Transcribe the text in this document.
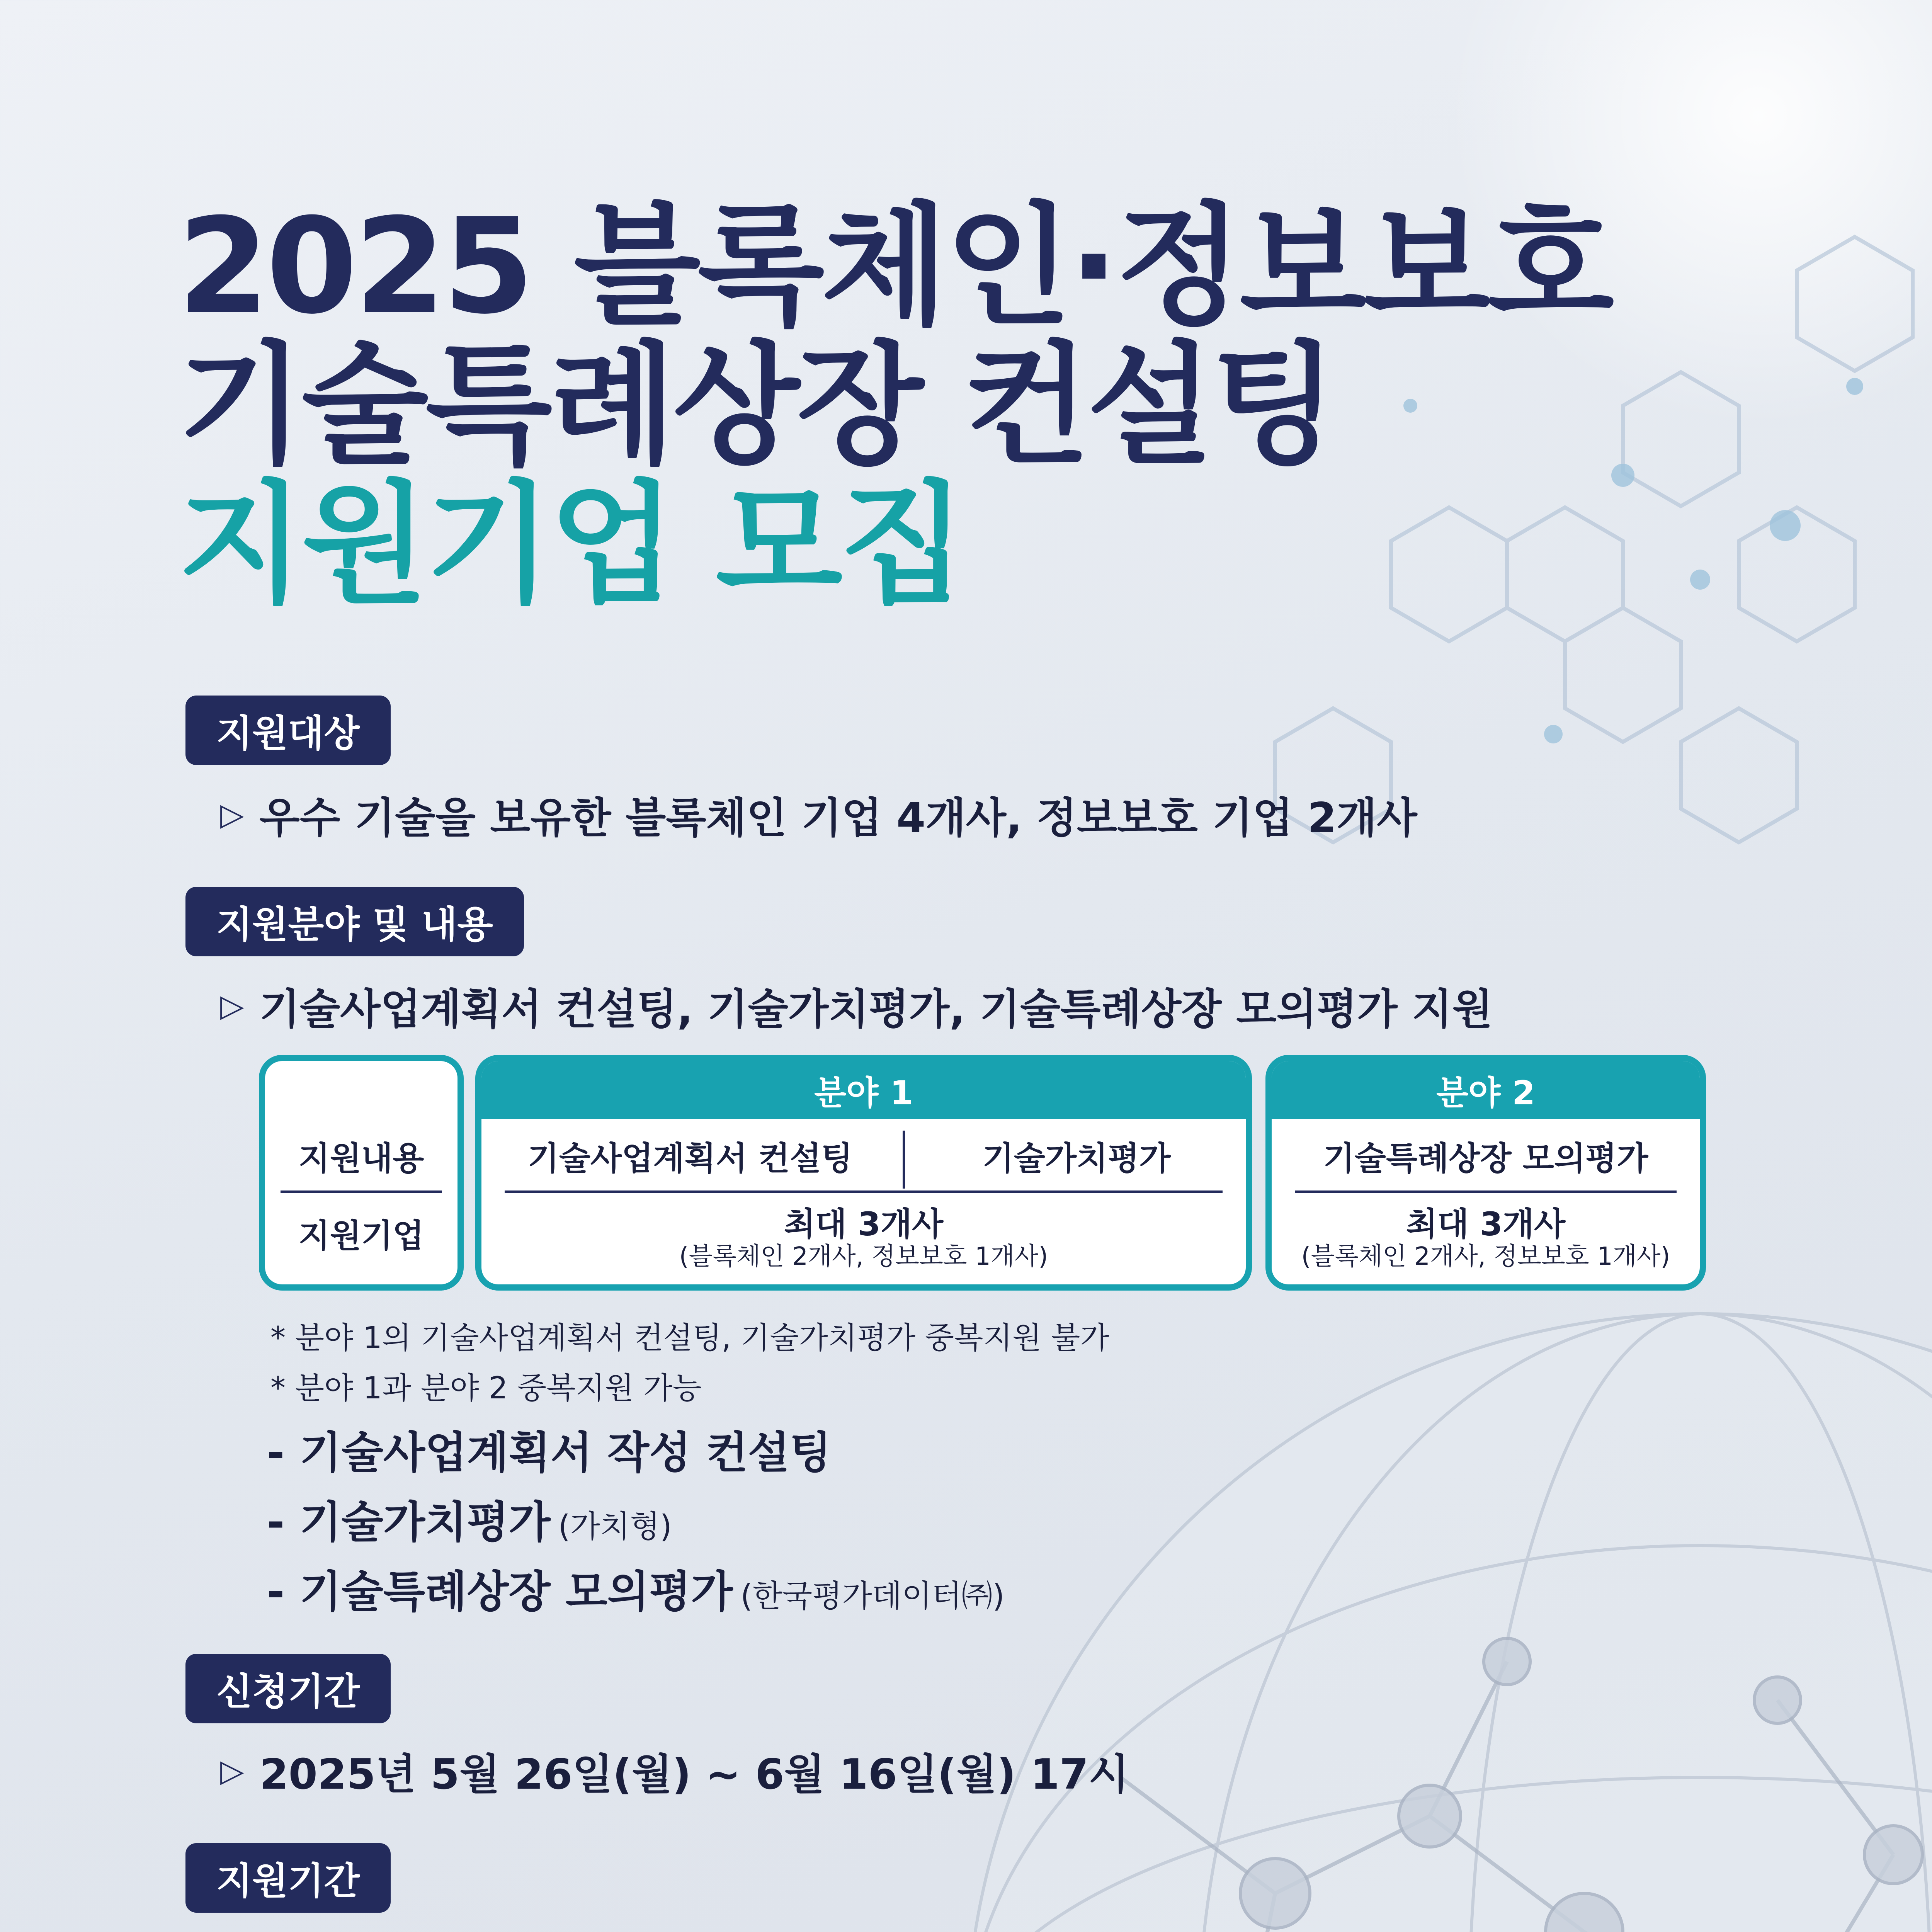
2025 블록체인·정보보호
기술특례상장 컨설팅
지원기업 모집
지원대상
▷ 우수 기술을 보유한 블록체인 기업 4개사, 정보보호 기업 2개사
지원분야 및 내용
▷ 기술사업계획서 컨설팅, 기술가치평가, 기술특례상장 모의평가 지원
지원내용
지원기업
분야 1
기술사업계획서 컨설팅	기술가치평가
최대 3개사
(블록체인 2개사, 정보보호 1개사)
분야 2
기술특례상장 모의평가
최대 3개사
(블록체인 2개사, 정보보호 1개사)
* 분야 1의 기술사업계획서 컨설팅, 기술가치평가 중복지원 불가
* 분야 1과 분야 2 중복지원 가능
- 기술사업계획서 작성 컨설팅
- 기술가치평가 (가치형)
- 기술특례상장 모의평가 (한국평가데이터㈜)
신청기간
▷ 2025년 5월 26일(월) ~ 6월 16일(월) 17시
지원기간
